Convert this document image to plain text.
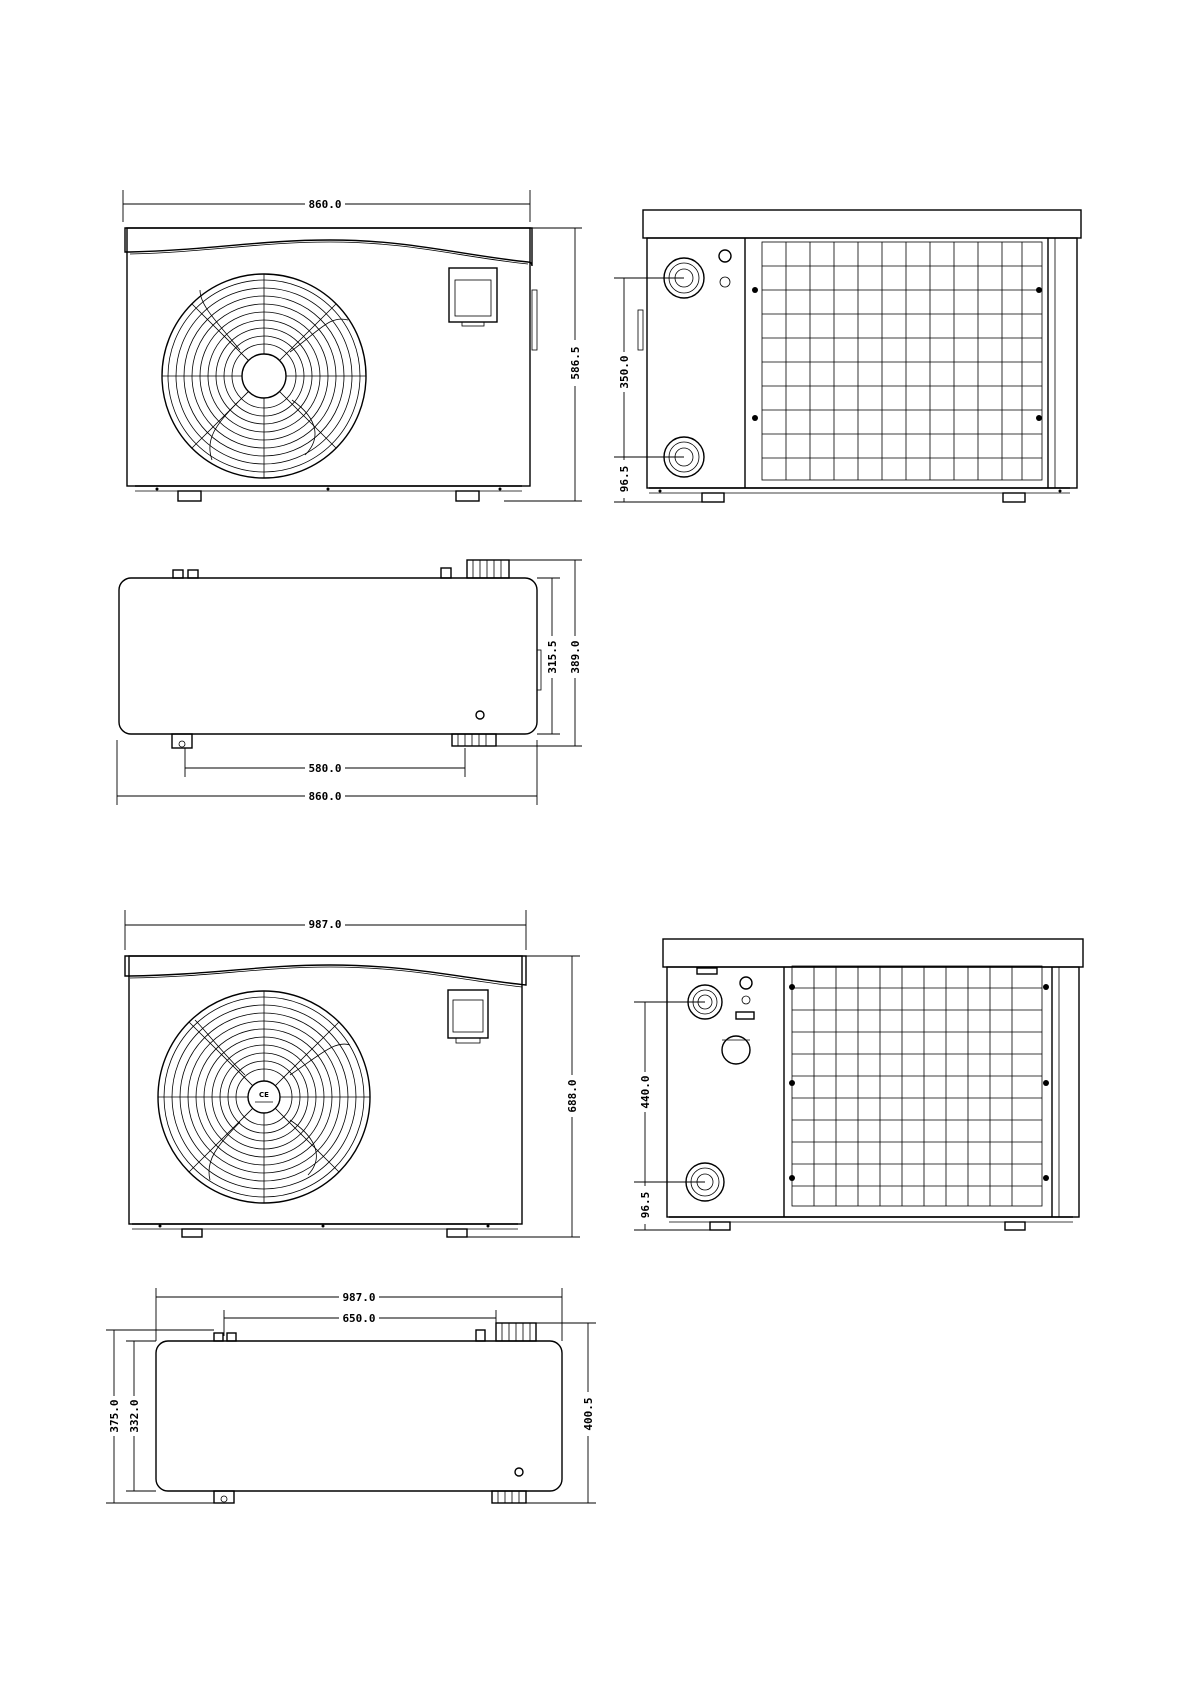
860.0
586.5	350.0
96.5
315.5 389.0
580.0
860.0
987.0
CE	688.0	440.0
96.5
987.0
650.0
375.0 332.0	400.5
